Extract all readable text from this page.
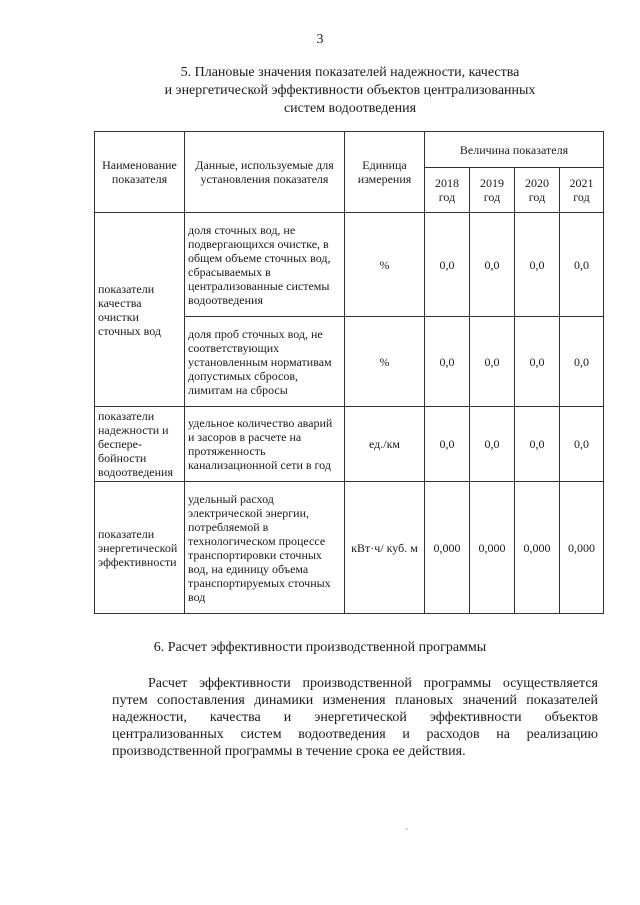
3
5. Плановые значения показателей надежности, качества
и энергетической эффективности объектов централизованных
систем водоотведения
Наименование показателя	Данные, используемые для установления показателя	Единица измерения	Величина показателя			
			2018 год	2019 год	2020 год	2021 год
показатели качества очистки сточных вод	доля сточных вод, не подвергающихся очистке, в общем объеме сточных вод, сбрасываемых в централизованные системы водоотведения	%	0,0	0,0	0,0	0,0
	доля проб сточных вод, не соответствующих установленным нормативам допустимых сбросов, лимитам на сбросы	%	0,0	0,0	0,0	0,0
показатели надежности и беспере-бойности водоотведения	удельное количество аварий и засоров в расчете на протяженность канализационной сети в год	ед./км	0,0	0,0	0,0	0,0
показатели энергетической эффективности	удельный расход электрической энергии, потребляемой в технологическом процессе транспортировки сточных вод, на единицу объема транспортируемых сточных вод	кВт·ч/ куб. м	0,000	0,000	0,000	0,000
6. Расчет эффективности производственной программы

Расчет эффективности производственной программы осуществляется путем сопоставления динамики изменения плановых значений показателей надежности, качества и энергетической эффективности объектов централизованных систем водоотведения и расходов на реализацию производственной программы в течение срока ее действия.

`
